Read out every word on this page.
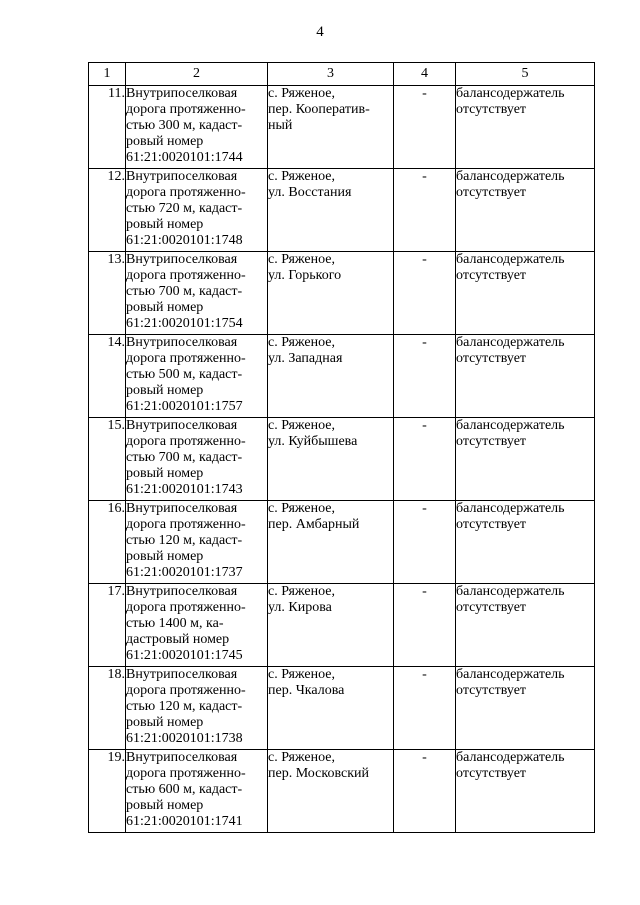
4
1	2	3	4	5
11.	Внутрипоселковая
дорога протяженно-
стью 300 м, кадаст-
ровый номер
61:21:0020101:1744	с. Ряженое,
пер. Кооператив-
ный	-	балансодержатель
отсутствует
12.	Внутрипоселковая
дорога протяженно-
стью 720 м, кадаст-
ровый номер
61:21:0020101:1748	с. Ряженое,
ул. Восстания	-	балансодержатель
отсутствует
13.	Внутрипоселковая
дорога протяженно-
стью 700 м, кадаст-
ровый номер
61:21:0020101:1754	с. Ряженое,
ул. Горького	-	балансодержатель
отсутствует
14.	Внутрипоселковая
дорога протяженно-
стью 500 м, кадаст-
ровый номер
61:21:0020101:1757	с. Ряженое,
ул. Западная	-	балансодержатель
отсутствует
15.	Внутрипоселковая
дорога протяженно-
стью 700 м, кадаст-
ровый номер
61:21:0020101:1743	с. Ряженое,
ул. Куйбышева	-	балансодержатель
отсутствует
16.	Внутрипоселковая
дорога протяженно-
стью 120 м, кадаст-
ровый номер
61:21:0020101:1737	с. Ряженое,
пер. Амбарный	-	балансодержатель
отсутствует
17.	Внутрипоселковая
дорога протяженно-
стью 1400 м, ка-
дастровый номер
61:21:0020101:1745	с. Ряженое,
ул. Кирова	-	балансодержатель
отсутствует
18.	Внутрипоселковая
дорога протяженно-
стью 120 м, кадаст-
ровый номер
61:21:0020101:1738	с. Ряженое,
пер. Чкалова	-	балансодержатель
отсутствует
19.	Внутрипоселковая
дорога протяженно-
стью 600 м, кадаст-
ровый номер
61:21:0020101:1741	с. Ряженое,
пер. Московский	-	балансодержатель
отсутствует
